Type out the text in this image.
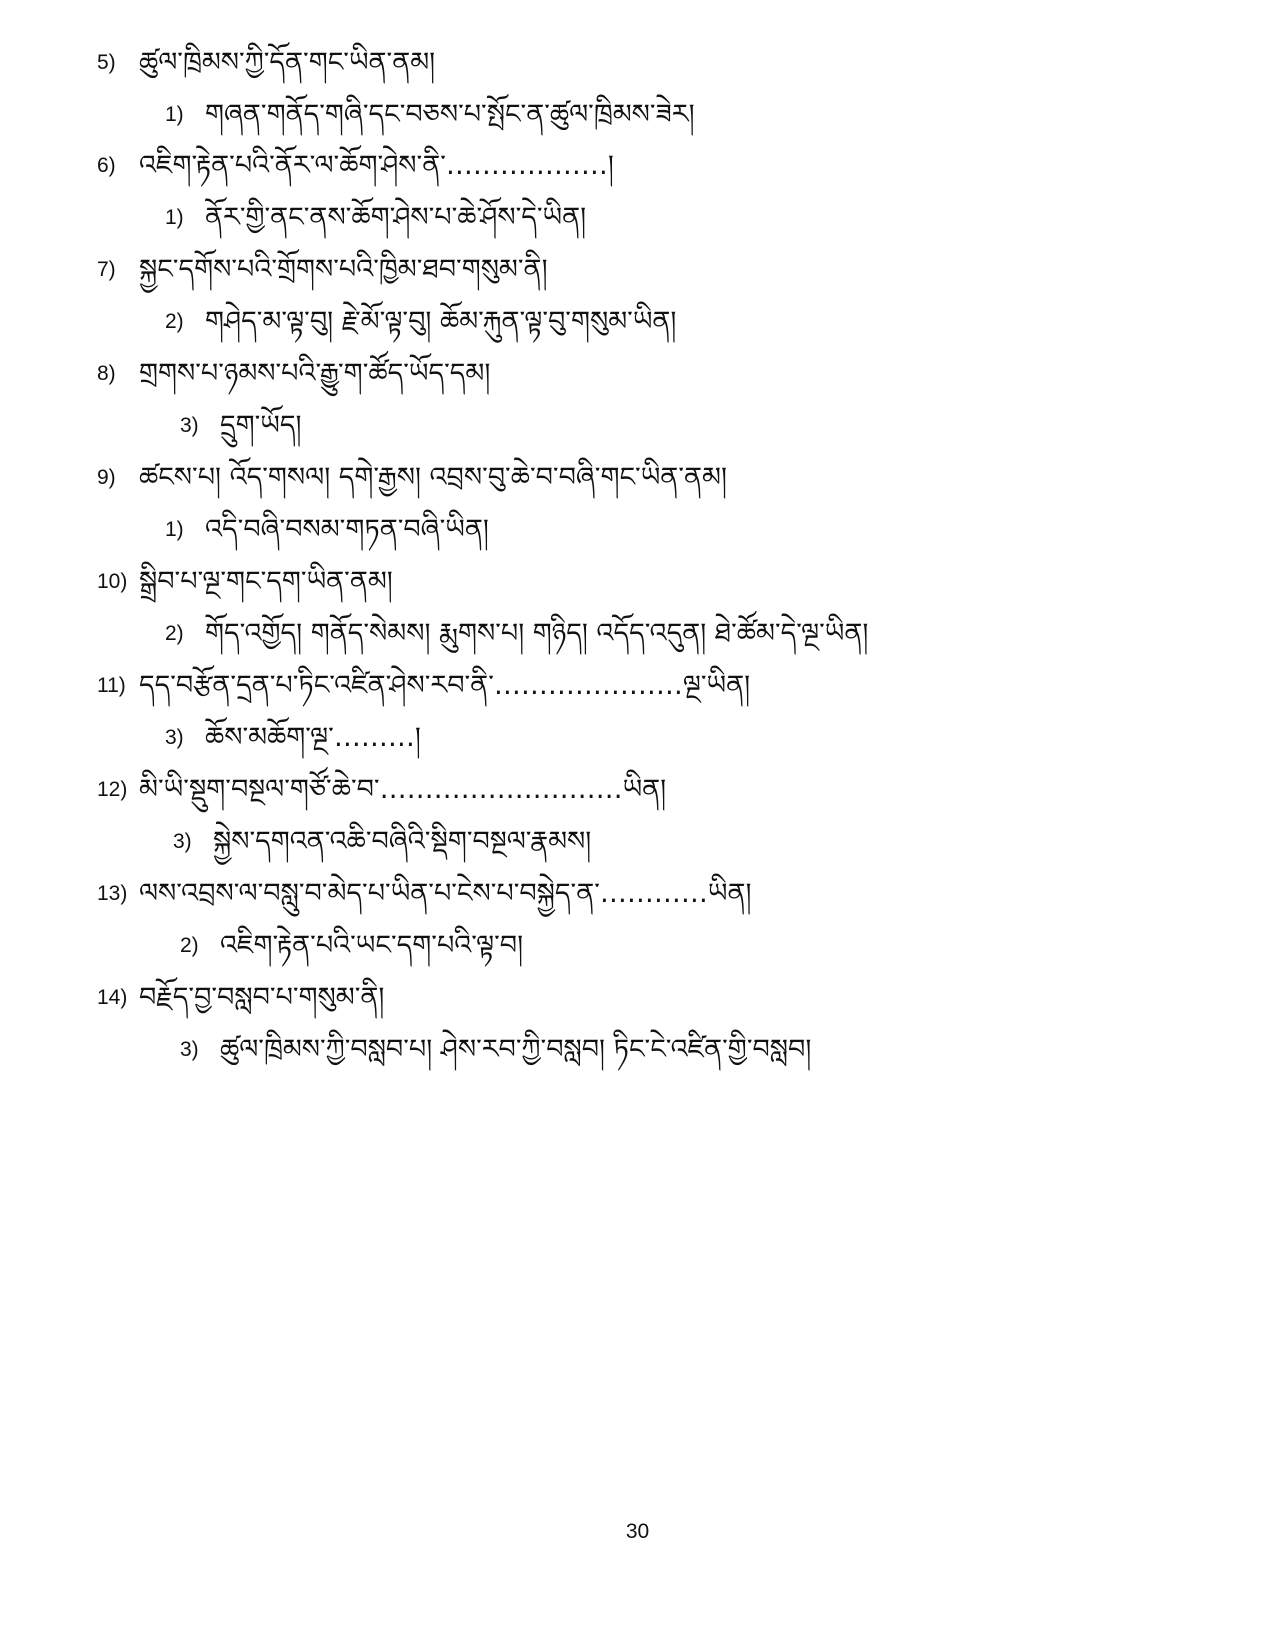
5) ཚུལ་ཁྲིམས་ཀྱི་དོན་གང་ཡིན་ནམ།
1) གཞན་གནོད་གཞི་དང་བཅས་པ་སྤོང་ན་ཚུལ་ཁྲིམས་ཟེར།
6) འཇིག་རྟེན་པའི་ནོར་ལ་ཆོག་ཤེས་ནི་………………།
1) ནོར་གྱི་ནང་ནས་ཆོག་ཤེས་པ་ཆེ་ཤོས་དེ་ཡིན།
7) སྐྱང་དགོས་པའི་གྲོགས་པའི་ཁྱིམ་ཐབ་གསུམ་ནི།
2) གཤེད་མ་ལྟ་བུ། རྗེ་མོ་ལྟ་བུ། ཆོམ་རྐུན་ལྟ་བུ་གསུམ་ཡིན།
8) གྲགས་པ་ཉམས་པའི་རྒྱུ་ག་ཚོད་ཡོད་དམ།
3) དྲུག་ཡོད།
9) ཚངས་པ། འོད་གསལ། དགེ་རྒྱས། འབྲས་བུ་ཆེ་བ་བཞི་གང་ཡིན་ནམ།
1) འདི་བཞི་བསམ་གཏན་བཞི་ཡིན།
10) སྒྲིབ་པ་ལྔ་གང་དག་ཡིན་ནམ།
2) གོད་འགྱོད། གནོད་སེམས། རྨུགས་པ། གཉིད། འདོད་འདུན། ཐེ་ཚོམ་དེ་ལྔ་ཡིན།
11) དད་བརྩོན་དྲན་པ་ཏིང་འཛིན་ཤེས་རབ་ནི་…………………ལྔ་ཡིན།
3) ཆོས་མཆོག་ལྔ་………།
12) མི་ཡི་སྡུག་བསྔལ་གཙོ་ཆེ་བ་………………………ཡིན།
3) སྐྱེས་དགའན་འཆི་བཞིའི་སྡིག་བསྔལ་རྣམས།
13) ལས་འབྲས་ལ་བསླུ་བ་མེད་པ་ཡིན་པ་ངེས་པ་བསྐྱེད་ན་…………ཡིན།
2) འཇིག་རྟེན་པའི་ཡང་དག་པའི་ལྟ་བ།
14) བརྗོད་བྱ་བསླབ་པ་གསུམ་ནི།
3) ཚུལ་ཁྲིམས་ཀྱི་བསླབ་པ། ཤེས་རབ་ཀྱི་བསླབ། ཏིང་ངེ་འཛིན་གྱི་བསླབ།
30
